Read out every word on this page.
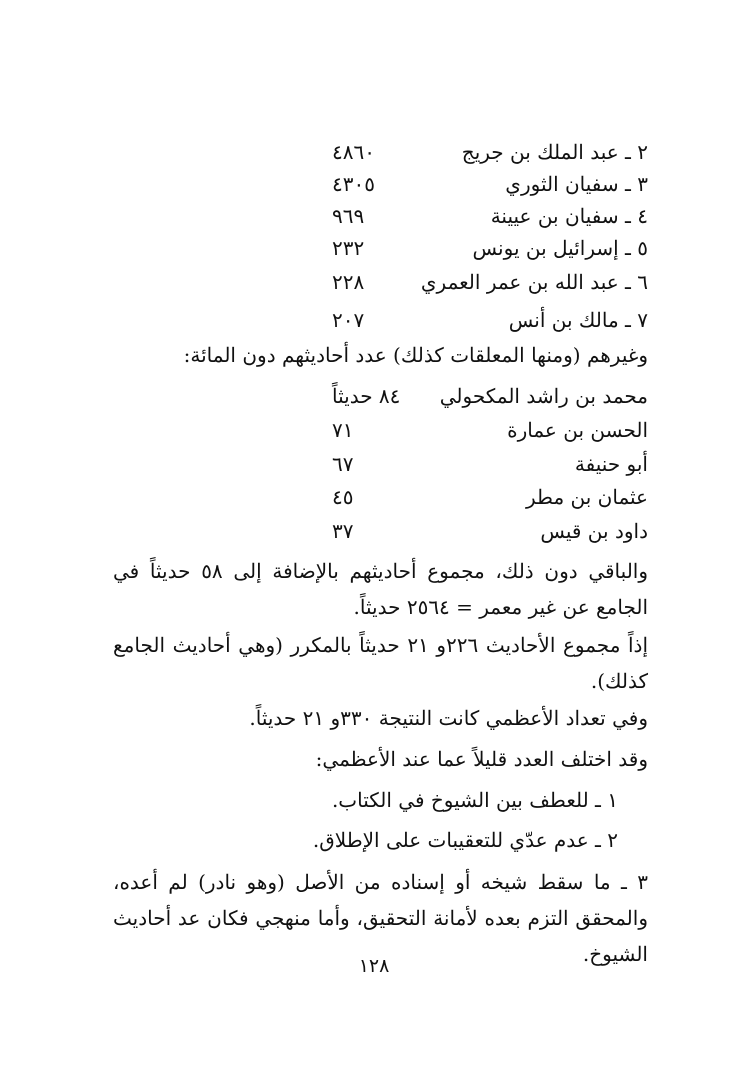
٢ ـ عبد الملك بن جريج
٤٨٦٠
٣ ـ سفيان الثوري
٤٣٠٥
٤ ـ سفيان بن عيينة
٩٦٩
٥ ـ إسرائيل بن يونس
٢٣٢
٦ ـ عبد الله بن عمر العمري
٢٢٨
٧ ـ مالك بن أنس
٢٠٧
وغيرهم (ومنها المعلقات كذلك) عدد أحاديثهم دون المائة:
محمد بن راشد المكحولي
٨٤ حديثاً
الحسن بن عمارة
٧١
أبو حنيفة
٦٧
عثمان بن مطر
٤٥
داود بن قيس
٣٧
والباقي دون ذلك، مجموع أحاديثهم بالإضافة إلى ٥٨ حديثاً في الجامع عن غير معمر = ٢٥٦٤ حديثاً.
إذاً مجموع الأحاديث ٢٢٦و ٢١ حديثاً بالمكرر (وهي أحاديث الجامع كذلك).
وفي تعداد الأعظمي كانت النتيجة ٣٣٠و ٢١ حديثاً.
وقد اختلف العدد قليلاً عما عند الأعظمي:
١ ـ للعطف بين الشيوخ في الكتاب.
٢ ـ عدم عدّي للتعقيبات على الإطلاق.
٣ ـ ما سقط شيخه أو إسناده من الأصل (وهو نادر) لم أعده، والمحقق التزم بعده لأمانة التحقيق، وأما منهجي فكان عد أحاديث الشيوخ.
١٢٨
